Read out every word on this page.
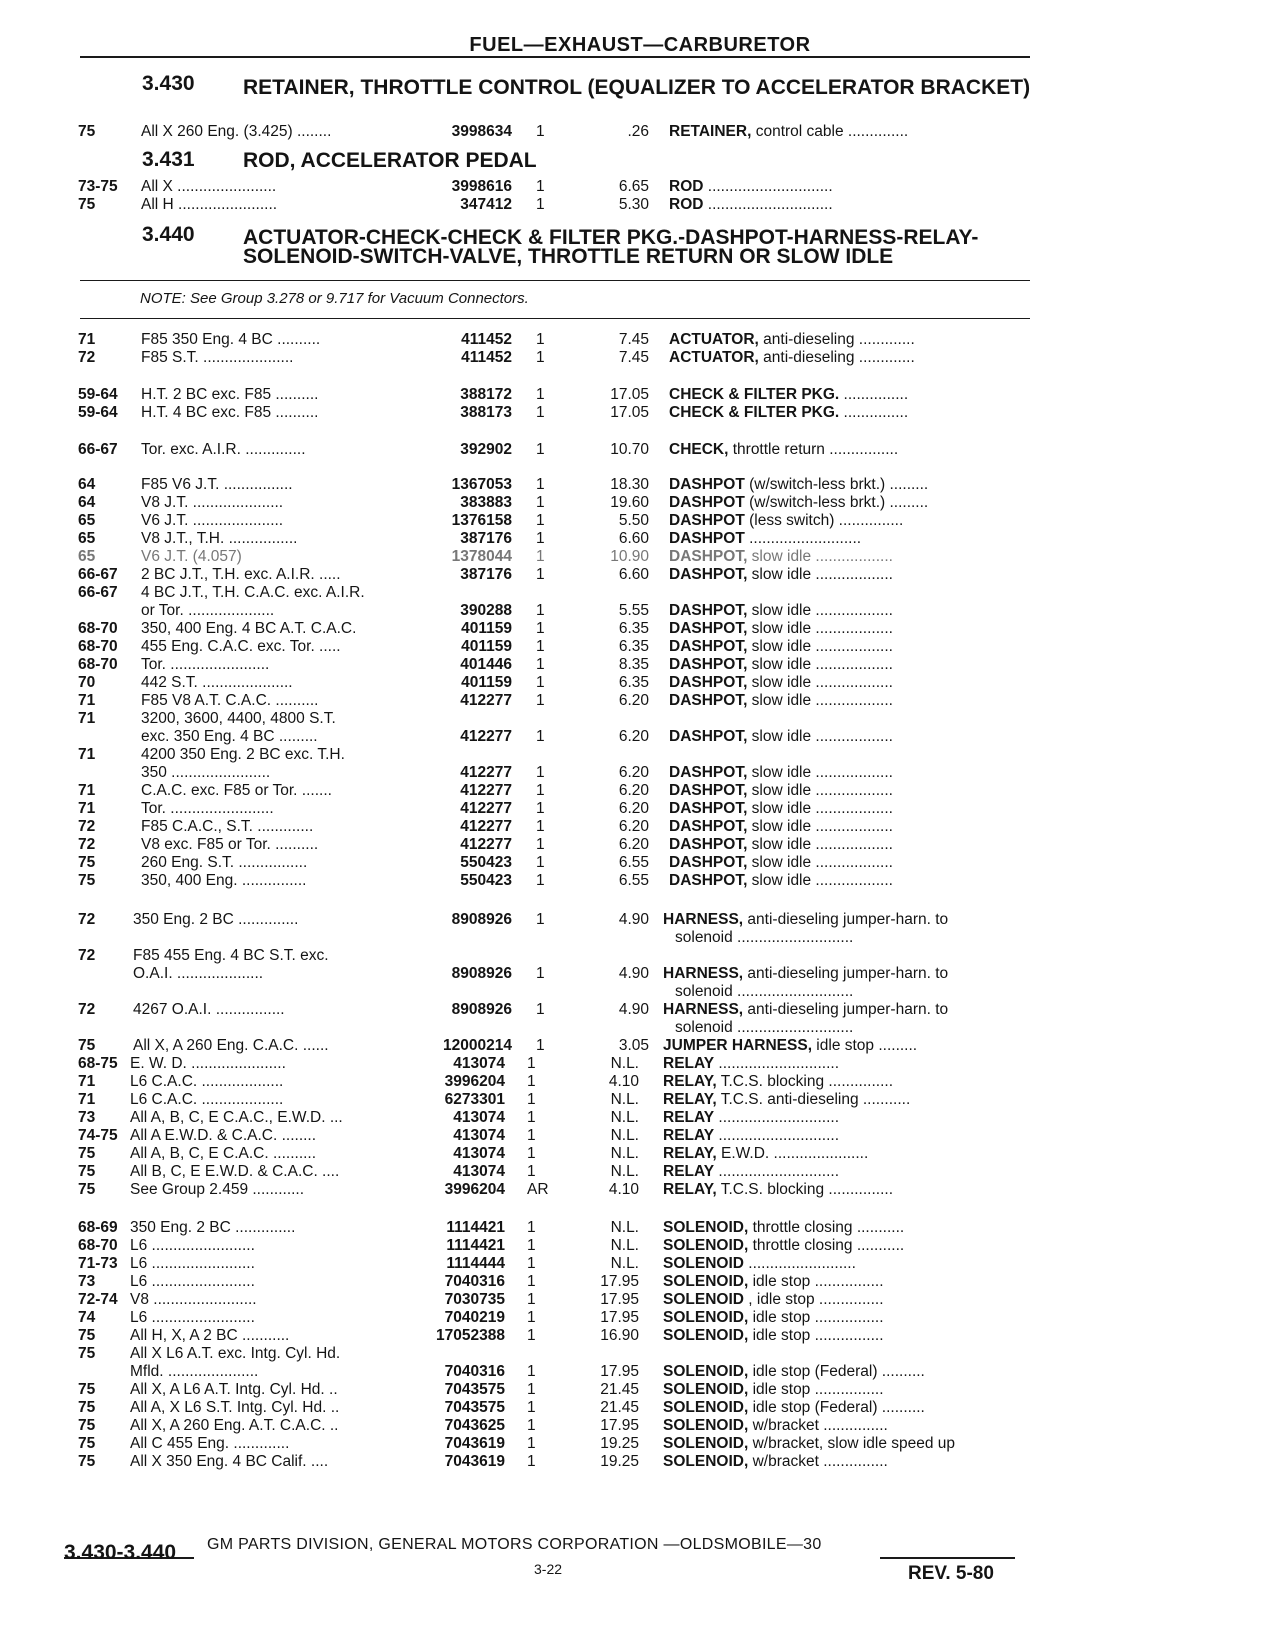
FUEL—EXHAUST—CARBURETOR
3.430 RETAINER, THROTTLE CONTROL (EQUALIZER TO ACCELERATOR BRACKET)
3.431 ROD, ACCELERATOR PEDAL
3.440 ACTUATOR-CHECK-CHECK & FILTER PKG.-DASHPOT-HARNESS-RELAY-SOLENOID-SWITCH-VALVE, THROTTLE RETURN OR SLOW IDLE
NOTE: See Group 3.278 or 9.717 for Vacuum Connectors.
75	All X 260 Eng. (3.425) ........	3998634 1	.26 RETAINER, control cable ..............
73-75 All X .......................	3998616 1	6.65 ROD .............................
75	All H .......................	347412 1	5.30 ROD .............................
71	F85 350 Eng. 4 BC ..........	411452 1	7.45 ACTUATOR, anti-dieseling .............
72	F85 S.T. .....................	411452 1	7.45 ACTUATOR, anti-dieseling .............
59-64 H.T. 2 BC exc. F85 ..........	388172 1	17.05 CHECK & FILTER PKG. ...............
59-64 H.T. 4 BC exc. F85 ..........	388173 1	17.05 CHECK & FILTER PKG. ...............
66-67 Tor. exc. A.I.R. ..............	392902 1	10.70 CHECK, throttle return ................
64	F85 V6 J.T. ................	1367053 1	18.30 DASHPOT (w/switch-less brkt.) .........
64	V8 J.T. .....................	383883 1	19.60 DASHPOT (w/switch-less brkt.) .........
65	V6 J.T. .....................	1376158 1	5.50 DASHPOT (less switch) ...............
65	V8 J.T., T.H. ................	387176 1	6.60 DASHPOT ..........................
65	V6 J.T. (4.057)	1378044 1	10.90 DASHPOT, slow idle ..................
66-67 2 BC J.T., T.H. exc. A.I.R. .....	387176 1	6.60 DASHPOT, slow idle ..................
66-67 4 BC J.T., T.H. C.A.C. exc. A.I.R.
or Tor. ....................	390288 1	5.55 DASHPOT, slow idle ..................
68-70 350, 400 Eng. 4 BC A.T. C.A.C.	401159 1	6.35 DASHPOT, slow idle ..................
68-70 455 Eng. C.A.C. exc. Tor. .....	401159 1	6.35 DASHPOT, slow idle ..................
68-70 Tor. .......................	401446 1	8.35 DASHPOT, slow idle ..................
70	442 S.T. .....................	401159 1	6.35 DASHPOT, slow idle ..................
71	F85 V8 A.T. C.A.C. ..........	412277 1	6.20 DASHPOT, slow idle ..................
71	3200, 3600, 4400, 4800 S.T.
exc. 350 Eng. 4 BC .........	412277 1	6.20 DASHPOT, slow idle ..................
71	4200 350 Eng. 2 BC exc. T.H.
350 .......................	412277 1	6.20 DASHPOT, slow idle ..................
71	C.A.C. exc. F85 or Tor. .......	412277 1	6.20 DASHPOT, slow idle ..................
71	Tor. ........................	412277 1	6.20 DASHPOT, slow idle ..................
72	F85 C.A.C., S.T. .............	412277 1	6.20 DASHPOT, slow idle ..................
72	V8 exc. F85 or Tor. ..........	412277 1	6.20 DASHPOT, slow idle ..................
75	260 Eng. S.T. ................	550423 1	6.55 DASHPOT, slow idle ..................
75	350, 400 Eng. ...............	550423 1	6.55 DASHPOT, slow idle ..................
72 350 Eng. 2 BC ..............	8908926 1	4.90 HARNESS, anti-dieseling jumper-harn. to
solenoid ...........................
72 F85 455 Eng. 4 BC S.T. exc.
O.A.I. ....................	8908926 1	4.90 HARNESS, anti-dieseling jumper-harn. to
solenoid ...........................
72 4267 O.A.I. ................	8908926 1	4.90 HARNESS, anti-dieseling jumper-harn. to
solenoid ...........................
75 All X, A 260 Eng. C.A.C. ......	12000214 1	3.05 JUMPER HARNESS, idle stop .........
68-75 E. W. D. ......................	413074 1	N.L. RELAY ............................
71 L6 C.A.C. ...................	3996204 1	4.10 RELAY, T.C.S. blocking ...............
71 L6 C.A.C. ...................	6273301 1	N.L. RELAY, T.C.S. anti-dieseling ...........
73 All A, B, C, E C.A.C., E.W.D. ...	413074 1	N.L. RELAY ............................
74-75 All A E.W.D. & C.A.C. ........	413074 1	N.L. RELAY ............................
75 All A, B, C, E C.A.C. ..........	413074 1	N.L. RELAY, E.W.D. ......................
75 All B, C, E E.W.D. & C.A.C. ....	413074 1	N.L. RELAY ............................
75 See Group 2.459 ............	3996204 AR	4.10 RELAY, T.C.S. blocking ...............
68-69 350 Eng. 2 BC ..............	1114421 1	N.L. SOLENOID, throttle closing ...........
68-70 L6 ........................	1114421 1	N.L. SOLENOID, throttle closing ...........
71-73 L6 ........................	1114444 1	N.L. SOLENOID .........................
73 L6 ........................	7040316 1	17.95 SOLENOID, idle stop ................
72-74 V8 ........................	7030735 1	17.95 SOLENOID , idle stop ...............
74 L6 ........................	7040219 1	17.95 SOLENOID, idle stop ................
75 All H, X, A 2 BC ...........	17052388 1	16.90 SOLENOID, idle stop ................
75 All X L6 A.T. exc. Intg. Cyl. Hd.
Mfld. .....................	7040316 1	17.95 SOLENOID, idle stop (Federal) ..........
75 All X, A L6 A.T. Intg. Cyl. Hd. ..	7043575 1	21.45 SOLENOID, idle stop ................
75 All A, X L6 S.T. Intg. Cyl. Hd. ..	7043575 1	21.45 SOLENOID, idle stop (Federal) ..........
75 All X, A 260 Eng. A.T. C.A.C. ..	7043625 1	17.95 SOLENOID, w/bracket ...............
75 All C 455 Eng. .............	7043619 1	19.25 SOLENOID, w/bracket, slow idle speed up
75 All X 350 Eng. 4 BC Calif. ....	7043619 1	19.25 SOLENOID, w/bracket ...............
3.430-3.440 GM PARTS DIVISION, GENERAL MOTORS CORPORATION —OLDSMOBILE—30
3-22	REV. 5-80
